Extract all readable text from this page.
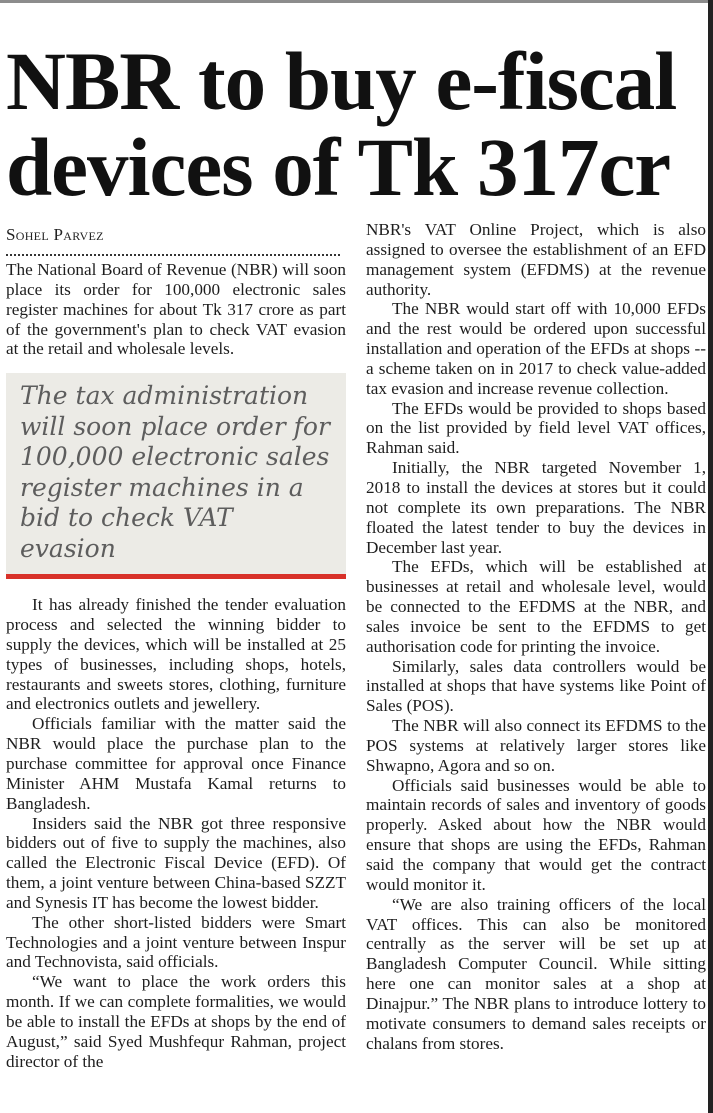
NBR to buy e-fiscal
devices of Tk 317cr
Sohel Parvez

The National Board of Revenue (NBR) will soon place its order for 100,000 electronic sales register machines for about Tk 317 crore as part of the government's plan to check VAT evasion at the retail and wholesale levels.

The tax administration will soon place order for 100,000 electronic sales register machines in a bid to check VAT evasion

It has already finished the tender evaluation process and selected the winning bidder to supply the devices, which will be installed at 25 types of businesses, including shops, hotels, restaurants and sweets stores, clothing, furniture and electronics outlets and jewellery.

Officials familiar with the matter said the NBR would place the purchase plan to the purchase committee for approval once Finance Minister AHM Mustafa Kamal returns to Bangladesh.

Insiders said the NBR got three responsive bidders out of five to supply the machines, also called the Electronic Fiscal Device (EFD). Of them, a joint venture between China-based SZZT and Synesis IT has become the lowest bidder.

The other short-listed bidders were Smart Technologies and a joint venture between Inspur and Technovista, said officials.

“We want to place the work orders this month. If we can complete formalities, we would be able to install the EFDs at shops by the end of August,” said Syed Mushfequr Rahman, project director of the

NBR's VAT Online Project, which is also assigned to oversee the establishment of an EFD management system (EFDMS) at the revenue authority.

The NBR would start off with 10,000 EFDs and the rest would be ordered upon successful installation and operation of the EFDs at shops -- a scheme taken on in 2017 to check value-added tax evasion and increase revenue collection.

The EFDs would be provided to shops based on the list provided by field level VAT offices, Rahman said.

Initially, the NBR targeted November 1, 2018 to install the devices at stores but it could not complete its own preparations. The NBR floated the latest tender to buy the devices in December last year.

The EFDs, which will be established at businesses at retail and wholesale level, would be connected to the EFDMS at the NBR, and sales invoice be sent to the EFDMS to get authorisation code for printing the invoice.

Similarly, sales data controllers would be installed at shops that have systems like Point of Sales (POS).

The NBR will also connect its EFDMS to the POS systems at relatively larger stores like Shwapno, Agora and so on.

Officials said businesses would be able to maintain records of sales and inventory of goods properly. Asked about how the NBR would ensure that shops are using the EFDs, Rahman said the company that would get the contract would monitor it.

“We are also training officers of the local VAT offices. This can also be monitored centrally as the server will be set up at Bangladesh Computer Council. While sitting here one can monitor sales at a shop at Dinajpur.” The NBR plans to introduce lottery to motivate consumers to demand sales receipts or chalans from stores.
